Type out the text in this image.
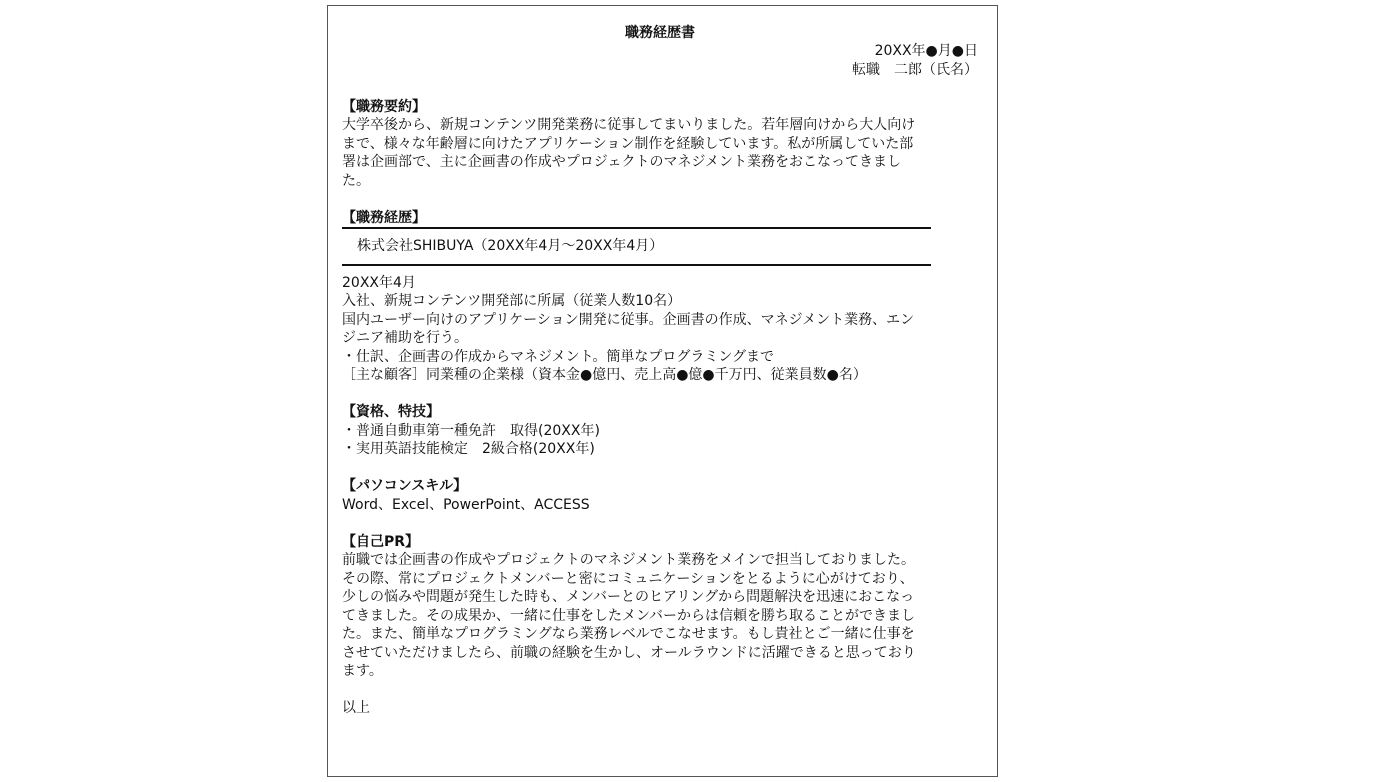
職務経歴書
20XX年●月●日
転職　二郎（氏名）
【職務要約】
大学卒後から、新規コンテンツ開発業務に従事してまいりました。若年層向けから大人向け
まで、様々な年齢層に向けたアプリケーション制作を経験しています。私が所属していた部
署は企画部で、主に企画書の作成やプロジェクトのマネジメント業務をおこなってきまし
た。
【職務経歴】
株式会社SHIBUYA（20XX年4月〜20XX年4月）
20XX年4月
入社、新規コンテンツ開発部に所属（従業人数10名）
国内ユーザー向けのアプリケーション開発に従事。企画書の作成、マネジメント業務、エン
ジニア補助を行う。
・仕訳、企画書の作成からマネジメント。簡単なプログラミングまで
［主な顧客］同業種の企業様（資本金●億円、売上高●億●千万円、従業員数●名）
【資格、特技】
・普通自動車第一種免許　取得(20XX年)
・実用英語技能検定　2級合格(20XX年)
【パソコンスキル】
Word、Excel、PowerPoint、ACCESS
【自己PR】
前職では企画書の作成やプロジェクトのマネジメント業務をメインで担当しておりました。
その際、常にプロジェクトメンバーと密にコミュニケーションをとるように心がけており、
少しの悩みや問題が発生した時も、メンバーとのヒアリングから問題解決を迅速におこなっ
てきました。その成果か、一緒に仕事をしたメンバーからは信頼を勝ち取ることができまし
た。また、簡単なプログラミングなら業務レベルでこなせます。もし貴社とご一緒に仕事を
させていただけましたら、前職の経験を生かし、オールラウンドに活躍できると思っており
ます。
以上
